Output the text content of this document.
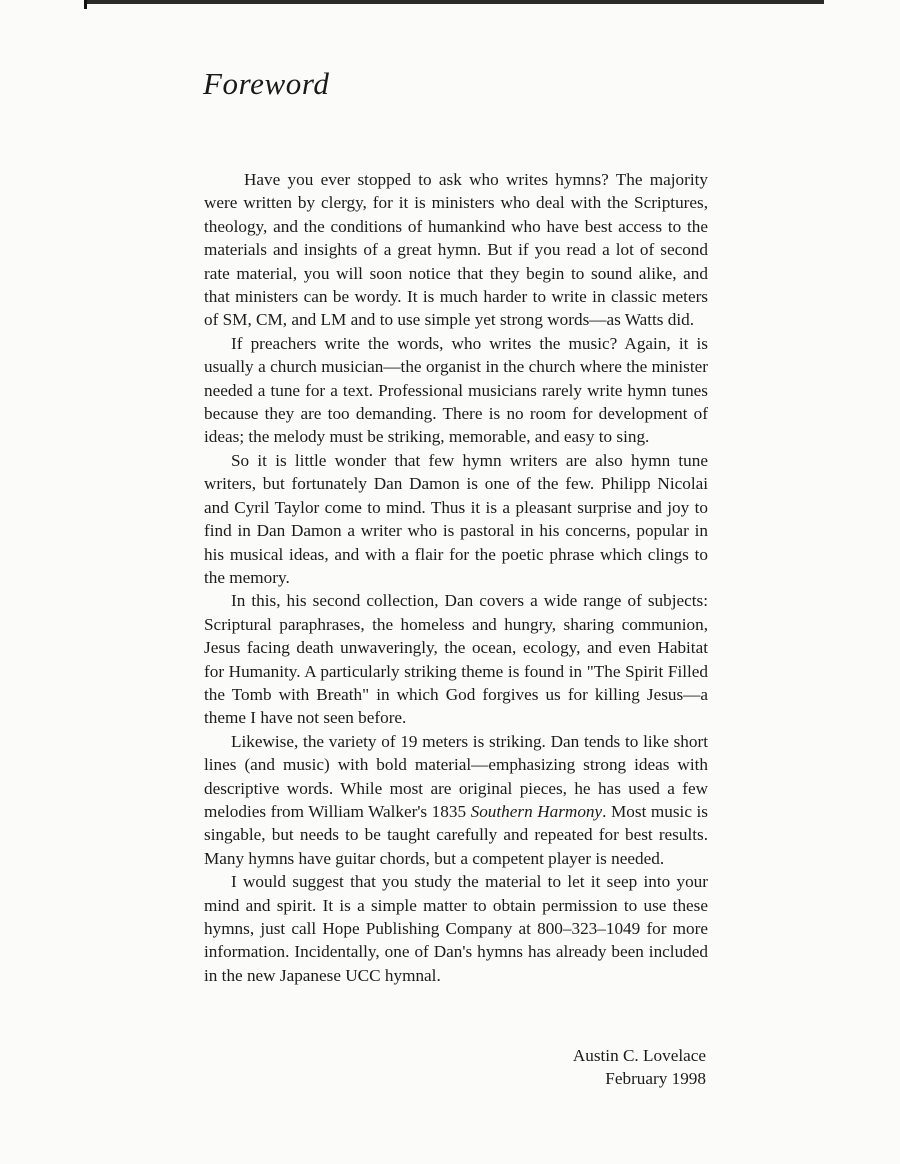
Foreword

Have you ever stopped to ask who writes hymns? The majority were written by clergy, for it is ministers who deal with the Scriptures, theology, and the conditions of humankind who have best access to the materials and insights of a great hymn. But if you read a lot of second rate material, you will soon notice that they begin to sound alike, and that ministers can be wordy. It is much harder to write in classic meters of SM, CM, and LM and to use simple yet strong words—as Watts did.

If preachers write the words, who writes the music? Again, it is usually a church musician—the organist in the church where the minister needed a tune for a text. Professional musicians rarely write hymn tunes because they are too demanding. There is no room for development of ideas; the melody must be striking, memorable, and easy to sing.

So it is little wonder that few hymn writers are also hymn tune writers, but fortunately Dan Damon is one of the few. Philipp Nicolai and Cyril Taylor come to mind. Thus it is a pleasant surprise and joy to find in Dan Damon a writer who is pastoral in his concerns, popular in his musical ideas, and with a flair for the poetic phrase which clings to the memory.

In this, his second collection, Dan covers a wide range of subjects: Scriptural paraphrases, the homeless and hungry, sharing communion, Jesus facing death unwaveringly, the ocean, ecology, and even Habitat for Humanity. A particularly striking theme is found in "The Spirit Filled the Tomb with Breath" in which God forgives us for killing Jesus—a theme I have not seen before.

Likewise, the variety of 19 meters is striking. Dan tends to like short lines (and music) with bold material—emphasizing strong ideas with descriptive words. While most are original pieces, he has used a few melodies from William Walker's 1835 Southern Harmony. Most music is singable, but needs to be taught carefully and repeated for best results. Many hymns have guitar chords, but a competent player is needed.

I would suggest that you study the material to let it seep into your mind and spirit. It is a simple matter to obtain permission to use these hymns, just call Hope Publishing Company at 800–323–1049 for more information. Incidentally, one of Dan's hymns has already been included in the new Japanese UCC hymnal.

Austin C. Lovelace
February 1998
